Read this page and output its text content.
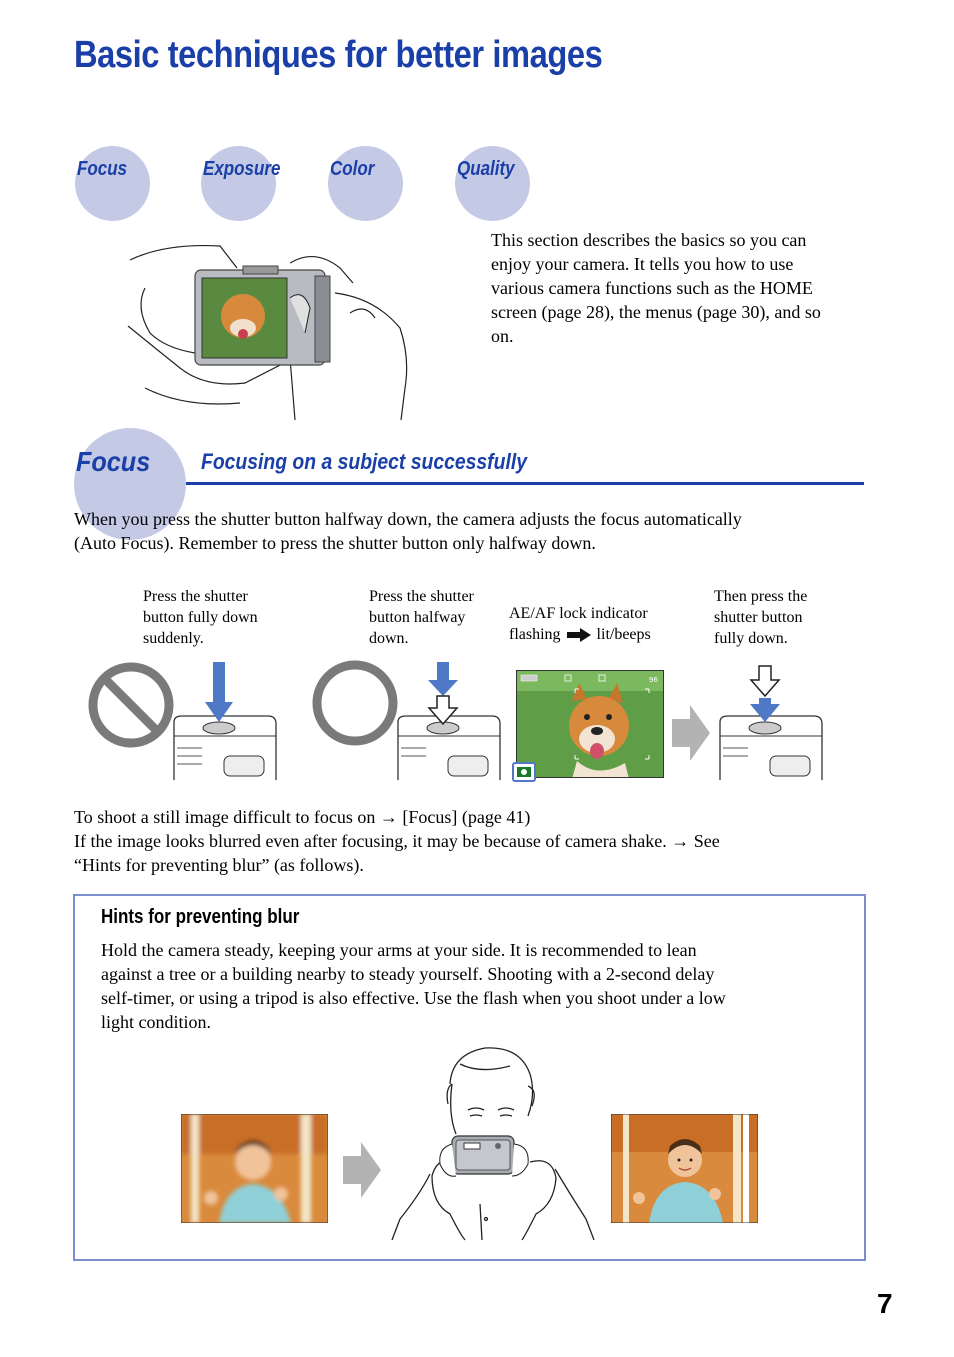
Basic techniques for better images
Focus	Exposure Color	Quality
This section describes the basics so you can
enjoy your camera. It tells you how to use
various camera functions such as the HOME
screen (page 28), the menus (page 30), and so
on.
Focus Focusing on a subject successfully
When you press the shutter button halfway down, the camera adjusts the focus automatically
(Auto Focus). Remember to press the shutter button only halfway down.
Press the shutter
button fully down
suddenly.
Press the shutter
button halfway
down.
AE/AF lock indicator
flashing lit/beeps
Then press the
shutter button
fully down.
96
To shoot a still image difficult to focus on → [Focus] (page 41)
If the image looks blurred even after focusing, it may be because of camera shake. → See
“Hints for preventing blur” (as follows).
Hints for preventing blur
Hold the camera steady, keeping your arms at your side. It is recommended to lean
against a tree or a building nearby to steady yourself. Shooting with a 2-second delay
self-timer, or using a tripod is also effective. Use the flash when you shoot under a low
light condition.
7
